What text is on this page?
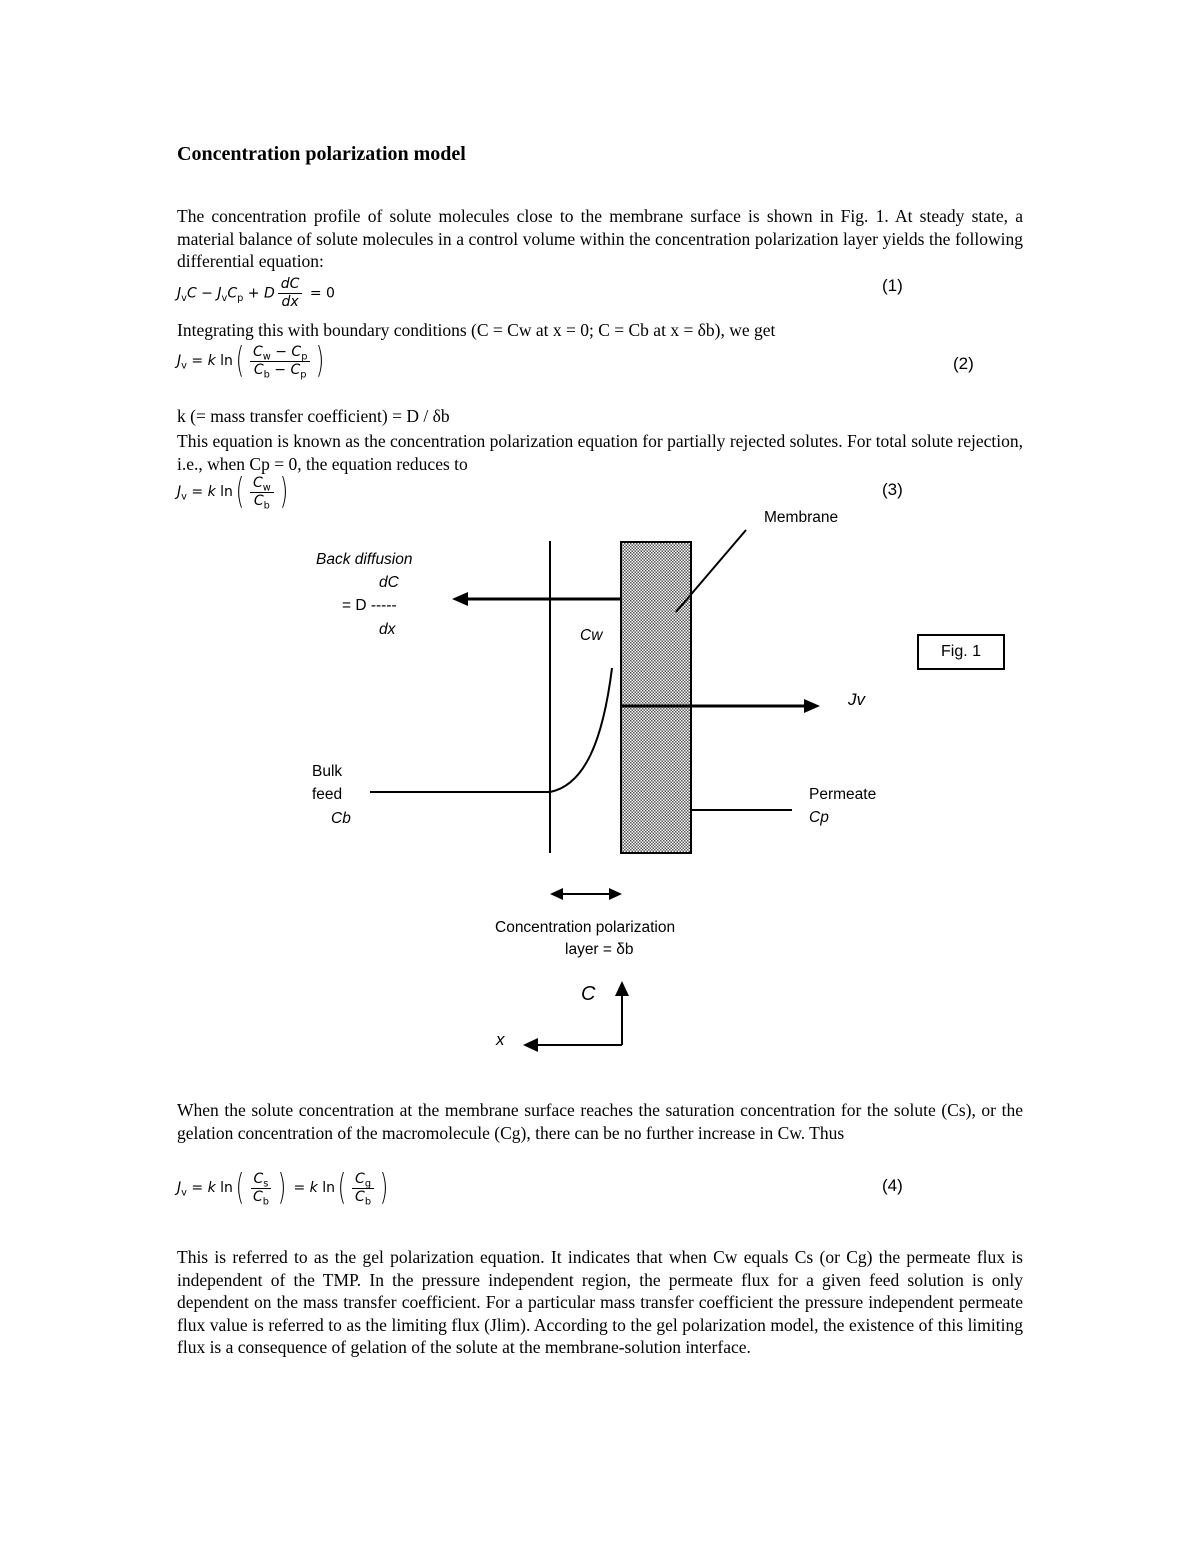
Concentration polarization model
The concentration profile of solute molecules close to the membrane surface is shown in Fig. 1. At steady state, a material balance of solute molecules in a control volume within the concentration polarization layer yields the following differential equation:
$J_vC - J_vC_p + D \frac{dC}{dx} = 0$	(1)
Integrating this with boundary conditions (C = Cw at x = 0; C = Cb at x = δb), we get
$J_v = k$ $\ln( \frac{C_w - C_p}{C_b - C_p}$ )	(2)
k (= mass transfer coefficient) = D / δb
This equation is known as the concentration polarization equation for partially rejected solutes. For total solute rejection, i.e., when Cp = 0, the equation reduces to
$J_v = k$ $\ln( \frac{C_w}{C_b}$ )	(3)
Membrane
Back diffusion
dC
= D -----
dx	Cw
Fig. 1
Jv
Bulk
feed
Cb
Permeate
Cp
Concentration polarization
layer = δb
C
x
When the solute concentration at the membrane surface reaches the saturation concentration for the solute (Cs), or the gelation concentration of the macromolecule (Cg), there can be no further increase in Cw. Thus
$J_v = k$ $\ln( \frac{C_s}{C_b}$ ) = k $\ln( \frac{C_g}{C_b}$ )	(4)
This is referred to as the gel polarization equation. It indicates that when Cw equals Cs (or Cg) the permeate flux is independent of the TMP. In the pressure independent region, the permeate flux for a given feed solution is only dependent on the mass transfer coefficient. For a particular mass transfer coefficient the pressure independent permeate flux value is referred to as the limiting flux (Jlim). According to the gel polarization model, the existence of this limiting flux is a consequence of gelation of the solute at the membrane-solution interface.
